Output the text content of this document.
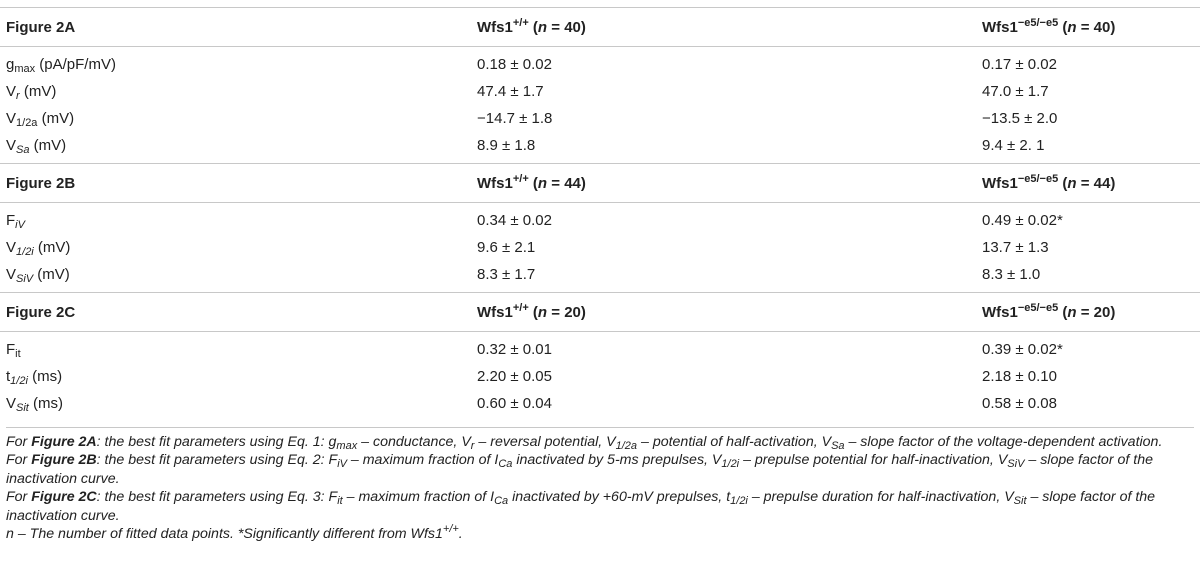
Figure 2A	Wfs1+/+ (n = 40)	$Wfs1^{-e5/-e5}$ (n = 40)
$g_{max}$ (pA/pF/mV)	0.18 ± 0.02	0.17 ± 0.02
$V_r$ (mV)	47.4 ± 1.7	47.0 ± 1.7
$V_{1/2a}$ (mV)	−14.7 ± 1.8	−13.5 ± 2.0
$V_{Sa}$ (mV)	8.9 ± 1.8	9.4 ± 2. 1
Figure 2B	Wfs1+/+ (n = 44)	$Wfs1^{-e5/-e5}$ (n = 44)
$F_{iV}$	0.34 ± 0.02	0.49 ± 0.02*
$V_{1/2i}$ (mV)	9.6 ± 2.1	13.7 ± 1.3
$V_{SiV}$ (mV)	8.3 ± 1.7	8.3 ± 1.0
Figure 2C	Wfs1+/+ (n = 20)	$Wfs1^{-e5/-e5}$ (n = 20)
$F_{it}$	0.32 ± 0.01	0.39 ± 0.02*
$t_{1/2i}$ (ms)	2.20 ± 0.05	2.18 ± 0.10
$V_{Sit}$ (ms)	0.60 ± 0.04	0.58 ± 0.08

For Figure 2A: the best fit parameters using Eq. 1: $g_{max}$ – conductance, $V_r$ – reversal potential, $V_{1/2a}$ – potential of half-activation, $V_{Sa}$ – slope factor of the voltage-dependent activation.

For Figure 2B: the best fit parameters using Eq. 2: $F_{iV}$ – maximum fraction of $I_{Ca}$ inactivated by 5-ms prepulses, $V_{1/2i}$ – prepulse potential for half-inactivation, $V_{SiV}$ – slope factor of the inactivation curve.

For Figure 2C: the best fit parameters using Eq. 3: $F_{it}$ – maximum fraction of $I_{Ca}$ inactivated by +60-mV prepulses, $t_{1/2i}$ – prepulse duration for half-inactivation, $V_{Sit}$ – slope factor of the inactivation curve.

n – The number of fitted data points. *Significantly different from Wfs1+/+.
